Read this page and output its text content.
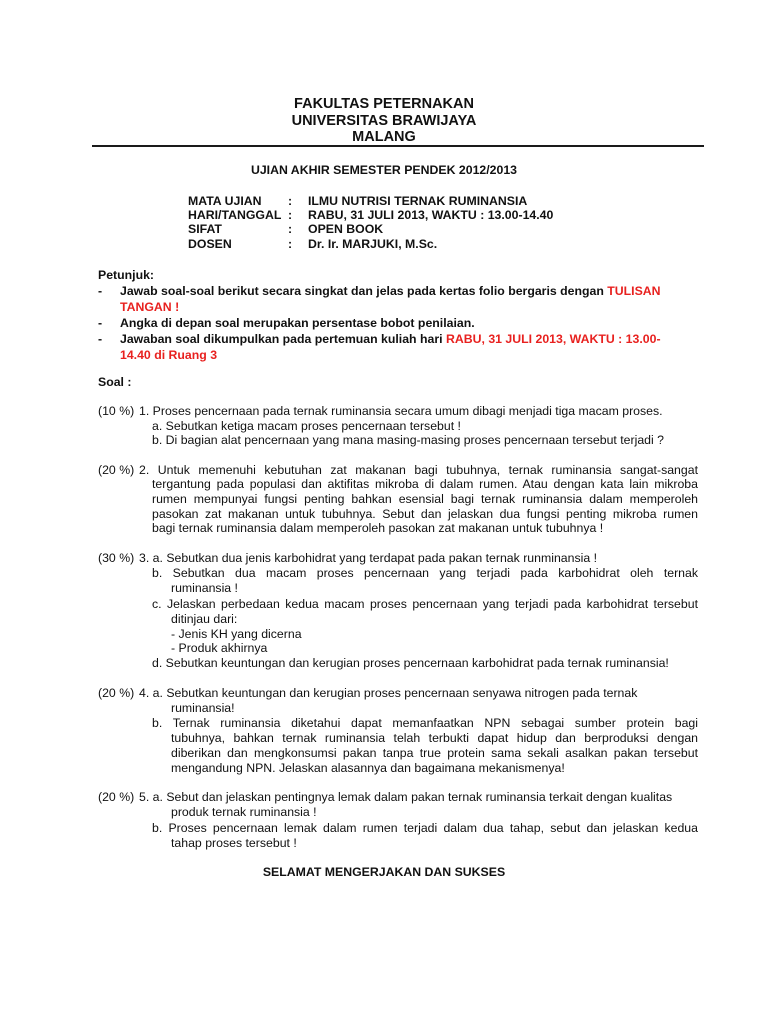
FAKULTAS PETERNAKAN
UNIVERSITAS BRAWIJAYA
MALANG
UJIAN AKHIR SEMESTER PENDEK 2012/2013
MATA UJIAN	: ILMU NUTRISI TERNAK RUMINANSIA
HARI/TANGGAL : RABU, 31 JULI 2013, WAKTU : 13.00-14.40
SIFAT	: OPEN BOOK
DOSEN	: Dr. Ir. MARJUKI, M.Sc.
Petunjuk:
- Jawab soal-soal berikut secara singkat dan jelas pada kertas folio bergaris dengan TULISAN
TANGAN !
- Angka di depan soal merupakan persentase bobot penilaian.
- Jawaban soal dikumpulkan pada pertemuan kuliah hari RABU, 31 JULI 2013, WAKTU : 13.00-
14.40 di Ruang 3
Soal :
(10 %) 1. Proses pencernaan pada ternak ruminansia secara umum dibagi menjadi tiga macam proses.
a. Sebutkan ketiga macam proses pencernaan tersebut !
b. Di bagian alat pencernaan yang mana masing-masing proses pencernaan tersebut terjadi ?
(20 %) 2. Untuk memenuhi kebutuhan zat makanan bagi tubuhnya, ternak ruminansia sangat-sangat
tergantung pada populasi dan aktifitas mikroba di dalam rumen. Atau dengan kata lain mikroba
rumen mempunyai fungsi penting bahkan esensial bagi ternak ruminansia dalam memperoleh
pasokan zat makanan untuk tubuhnya. Sebut dan jelaskan dua fungsi penting mikroba rumen
bagi ternak ruminansia dalam memperoleh pasokan zat makanan untuk tubuhnya !
(30 %) 3. a. Sebutkan dua jenis karbohidrat yang terdapat pada pakan ternak runminansia !
b. Sebutkan dua macam proses pencernaan yang terjadi pada karbohidrat oleh ternak
ruminansia !
c. Jelaskan perbedaan kedua macam proses pencernaan yang terjadi pada karbohidrat tersebut
ditinjau dari:
- Jenis KH yang dicerna
- Produk akhirnya
d. Sebutkan keuntungan dan kerugian proses pencernaan karbohidrat pada ternak ruminansia!
(20 %) 4. a. Sebutkan keuntungan dan kerugian proses pencernaan senyawa nitrogen pada ternak
ruminansia!
b. Ternak ruminansia diketahui dapat memanfaatkan NPN sebagai sumber protein bagi
tubuhnya, bahkan ternak ruminansia telah terbukti dapat hidup dan berproduksi dengan
diberikan dan mengkonsumsi pakan tanpa true protein sama sekali asalkan pakan tersebut
mengandung NPN. Jelaskan alasannya dan bagaimana mekanismenya!
(20 %) 5. a. Sebut dan jelaskan pentingnya lemak dalam pakan ternak ruminansia terkait dengan kualitas
produk ternak ruminansia !
b. Proses pencernaan lemak dalam rumen terjadi dalam dua tahap, sebut dan jelaskan kedua
tahap proses tersebut !
SELAMAT MENGERJAKAN DAN SUKSES
